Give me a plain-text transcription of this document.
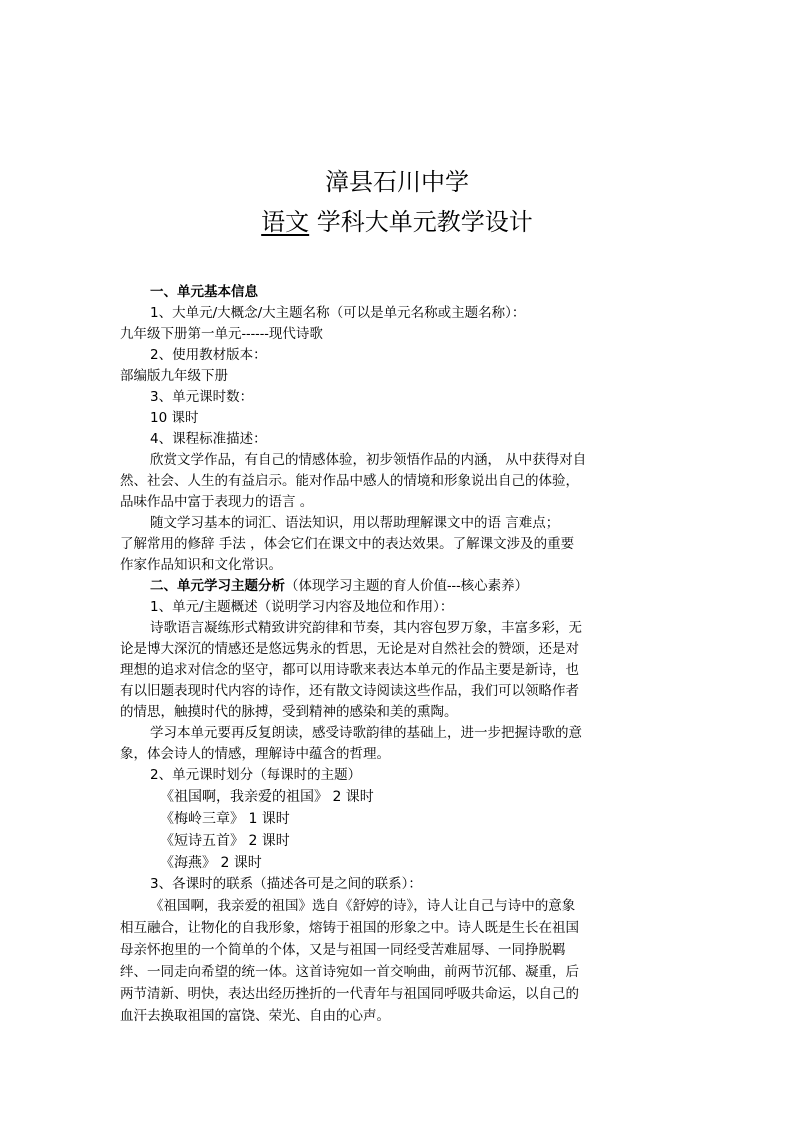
漳县石川中学
语文 学科大单元教学设计
一、单元基本信息
1、大单元/大概念/大主题名称（可以是单元名称或主题名称）：
九年级下册第一单元------现代诗歌
2、使用教材版本：
部编版九年级下册
3、单元课时数：
10 课时
4、课程标准描述：
欣赏文学作品，有自己的情感体验，初步领悟作品的内涵， 从中获得对自
然、社会、人生的有益启示。能对作品中感人的情境和形象说出自己的体验，
品味作品中富于表现力的语言 。
随文学习基本的词汇、语法知识，用以帮助理解课文中的语 言难点；
了解常用的修辞 手法 ，体会它们在课文中的表达效果。了解课文涉及的重要
作家作品知识和文化常识。
二、单元学习主题分析（体现学习主题的育人价值---核心素养）
1、单元/主题概述（说明学习内容及地位和作用）：
诗歌语言凝练形式精致讲究韵律和节奏，其内容包罗万象，丰富多彩，无
论是博大深沉的情感还是悠远隽永的哲思，无论是对自然社会的赞颂，还是对
理想的追求对信念的坚守，都可以用诗歌来表达本单元的作品主要是新诗，也
有以旧题表现时代内容的诗作，还有散文诗阅读这些作品，我们可以领略作者
的情思，触摸时代的脉搏，受到精神的感染和美的熏陶。
学习本单元要再反复朗读，感受诗歌韵律的基础上，进一步把握诗歌的意
象，体会诗人的情感，理解诗中蕴含的哲理。
2、单元课时划分（每课时的主题）
《祖国啊，我亲爱的祖国》 2 课时
《梅岭三章》 1 课时
《短诗五首》 2 课时
《海燕》 2 课时
3、各课时的联系（描述各可是之间的联系）：
《祖国啊，我亲爱的祖国》选自《舒婷的诗》，诗人让自己与诗中的意象
相互融合，让物化的自我形象，熔铸于祖国的形象之中。诗人既是生长在祖国
母亲怀抱里的一个简单的个体，又是与祖国一同经受苦难屈辱、一同挣脱羁
绊、一同走向希望的统一体。这首诗宛如一首交响曲，前两节沉郁、凝重，后
两节清新、明快，表达出经历挫折的一代青年与祖国同呼吸共命运，以自己的
血汗去换取祖国的富饶、荣光、自由的心声。
